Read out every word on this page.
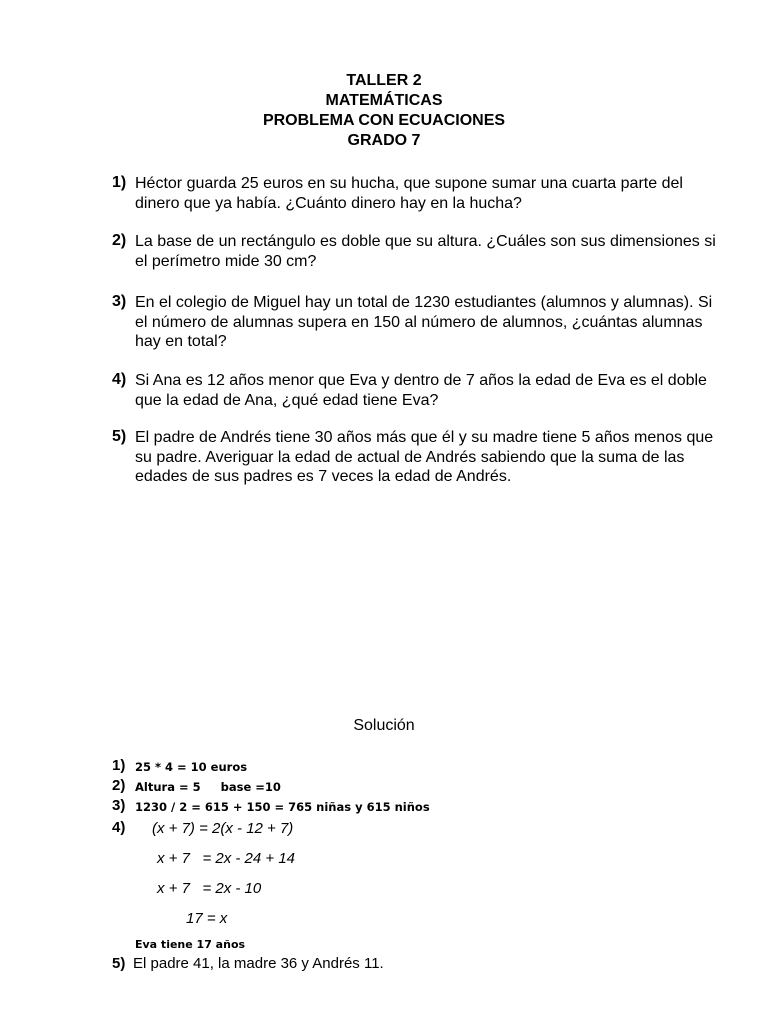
TALLER 2
MATEMÁTICAS
PROBLEMA CON ECUACIONES
GRADO 7
1) Héctor guarda 25 euros en su hucha, que supone sumar una cuarta parte del dinero que ya había. ¿Cuánto dinero hay en la hucha?
2) La base de un rectángulo es doble que su altura. ¿Cuáles son sus dimensiones si el perímetro mide 30 cm?
3) En el colegio de Miguel hay un total de 1230 estudiantes (alumnos y alumnas). Si el número de alumnas supera en 150 al número de alumnos, ¿cuántas alumnas hay en total?
4) Si Ana es 12 años menor que Eva y dentro de 7 años la edad de Eva es el doble que la edad de Ana, ¿qué edad tiene Eva?
5) El padre de Andrés tiene 30 años más que él y su madre tiene 5 años menos que su padre. Averiguar la edad de actual de Andrés sabiendo que la suma de las edades de sus padres es 7 veces la edad de Andrés.
Solución
1) 25 * 4 = 10 euros
2) Altura = 5     base =10
3) 1230 / 2 = 615 + 150 = 765 niñas y 615 niños
4) (x + 7) = 2(x - 12 + 7)
x + 7   = 2x - 24 + 14
x + 7   = 2x - 10
17 = x
Eva tiene 17 años
5) El padre 41, la madre 36 y Andrés 11.
